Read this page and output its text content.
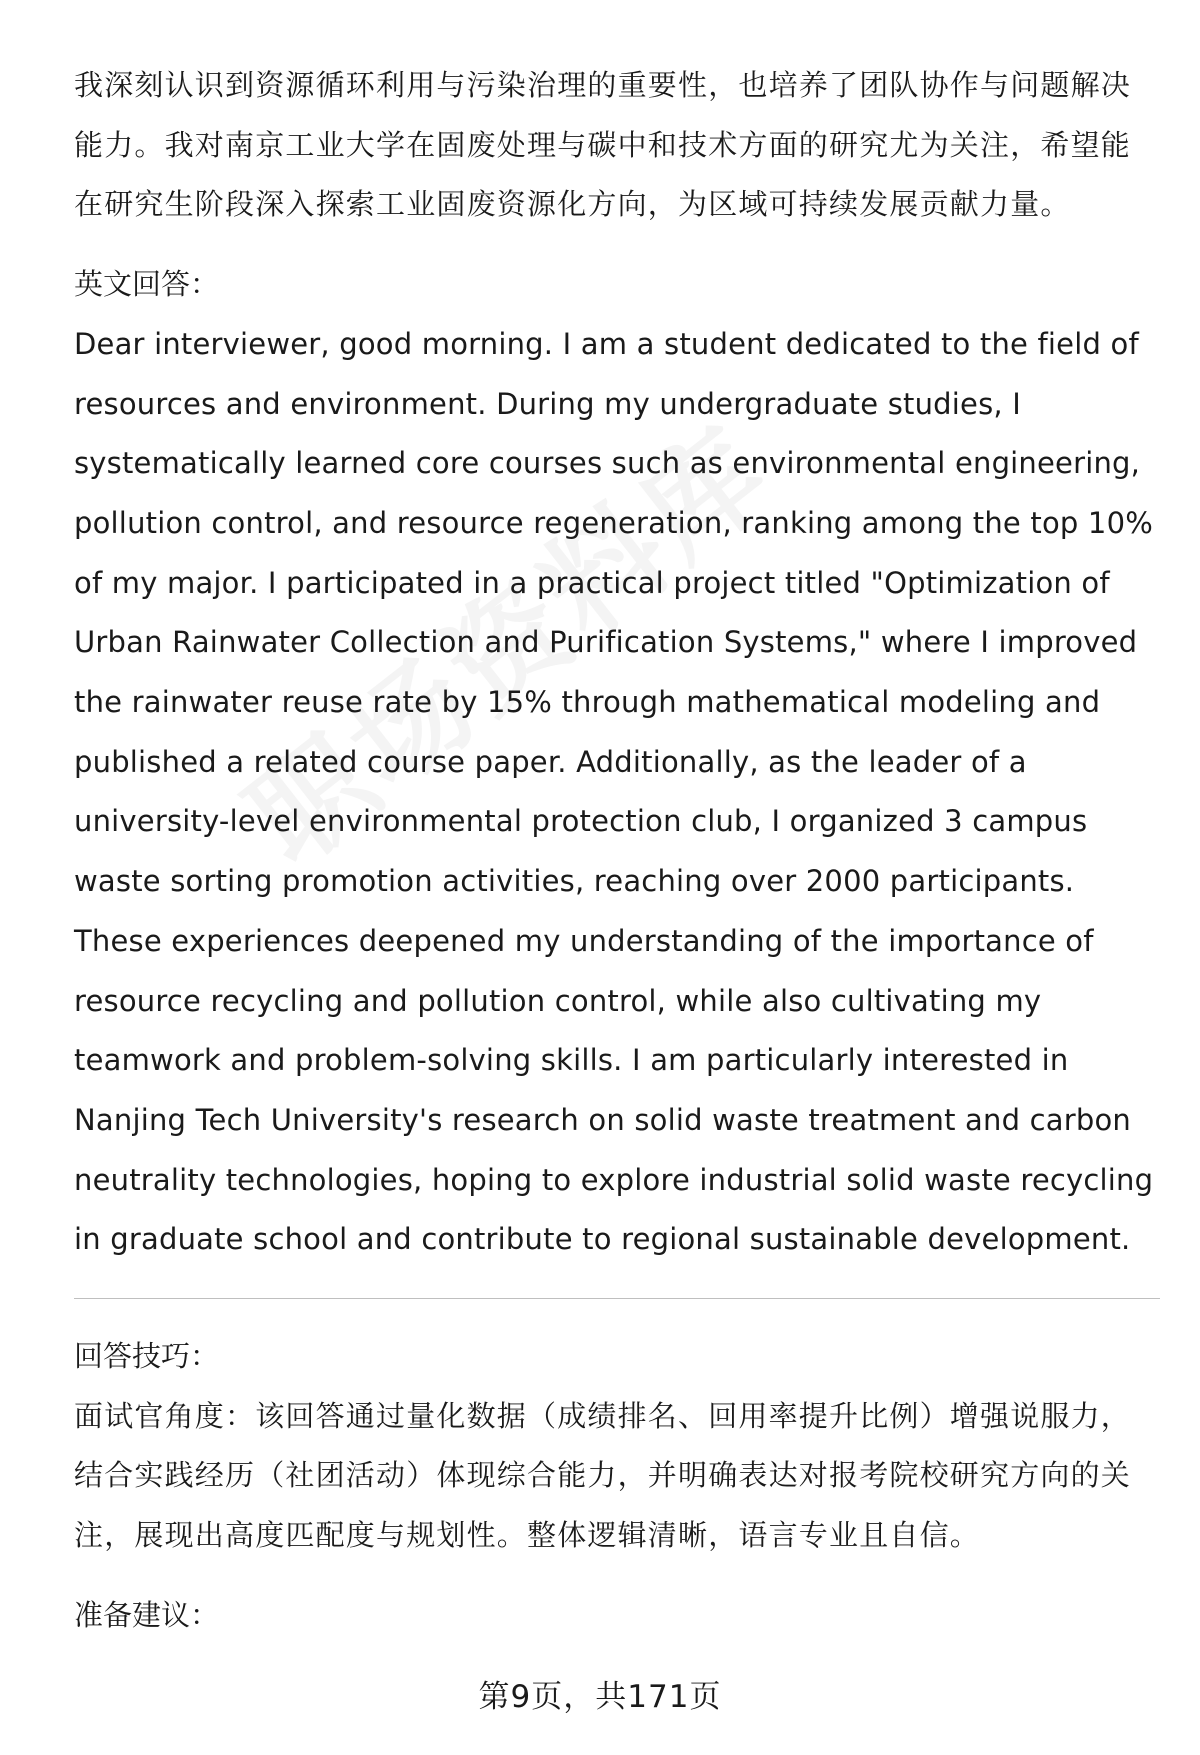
我深刻认识到资源循环利用与污染治理的重要性，也培养了团队协作与问题解决能力。我对南京工业大学在固废处理与碳中和技术方面的研究尤为关注，希望能在研究生阶段深入探索工业固废资源化方向，为区域可持续发展贡献力量。

英文回答：

Dear interviewer, good morning. I am a student dedicated to the field of resources and environment. During my undergraduate studies, I systematically learned core courses such as environmental engineering, pollution control, and resource regeneration, ranking among the top 10% of my major. I participated in a practical project titled "Optimization of Urban Rainwater Collection and Purification Systems," where I improved the rainwater reuse rate by 15% through mathematical modeling and published a related course paper. Additionally, as the leader of a university-level environmental protection club, I organized 3 campus waste sorting promotion activities, reaching over 2000 participants. These experiences deepened my understanding of the importance of resource recycling and pollution control, while also cultivating my teamwork and problem-solving skills. I am particularly interested in Nanjing Tech University's research on solid waste treatment and carbon neutrality technologies, hoping to explore industrial solid waste recycling in graduate school and contribute to regional sustainable development.

回答技巧：

面试官角度：该回答通过量化数据（成绩排名、回用率提升比例）增强说服力，结合实践经历（社团活动）体现综合能力，并明确表达对报考院校研究方向的关注，展现出高度匹配度与规划性。整体逻辑清晰，语言专业且自信。

准备建议：

第9页，共171页
